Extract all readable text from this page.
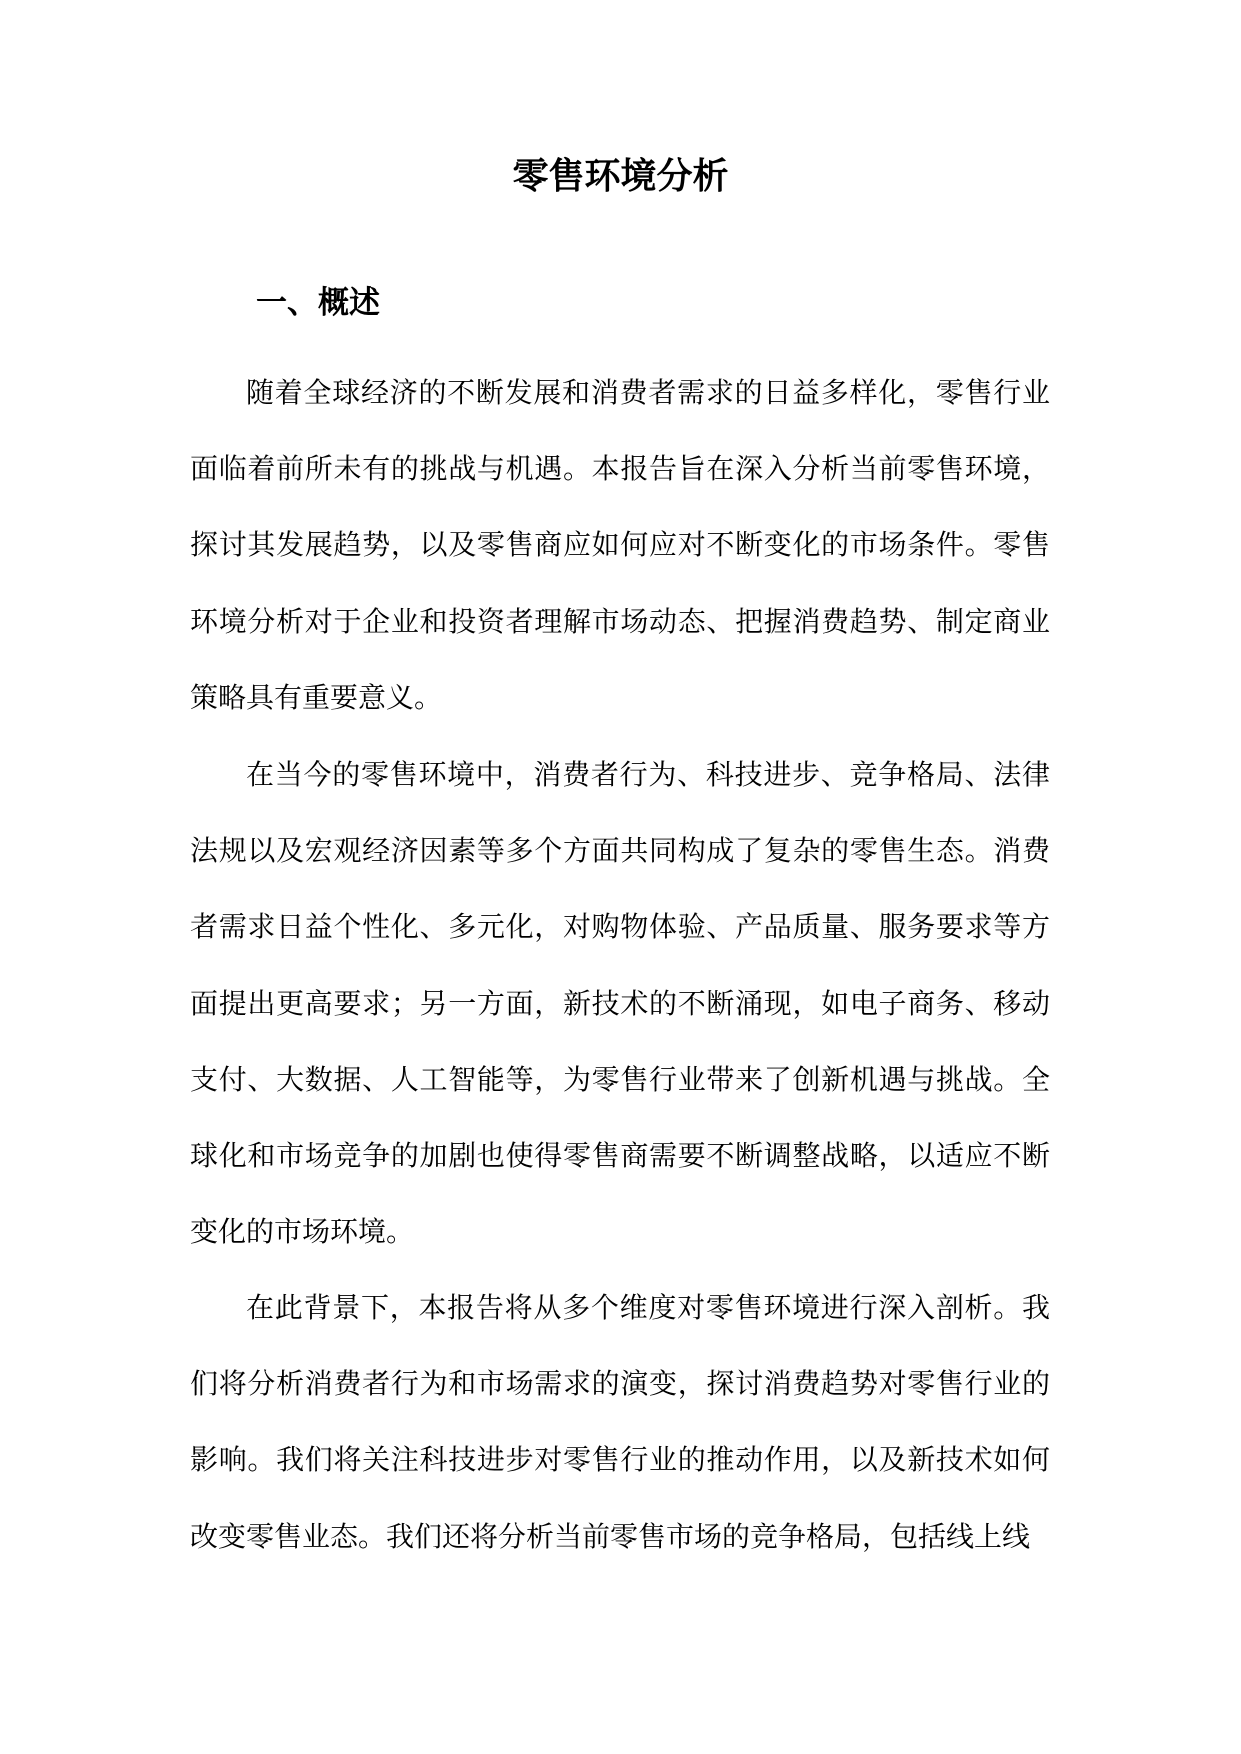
零售环境分析
一、概述

随着全球经济的不断发展和消费者需求的日益多样化，零售行业面临着前所未有的挑战与机遇。本报告旨在深入分析当前零售环境，探讨其发展趋势，以及零售商应如何应对不断变化的市场条件。零售环境分析对于企业和投资者理解市场动态、把握消费趋势、制定商业策略具有重要意义。

在当今的零售环境中，消费者行为、科技进步、竞争格局、法律法规以及宏观经济因素等多个方面共同构成了复杂的零售生态。消费者需求日益个性化、多元化，对购物体验、产品质量、服务要求等方面提出更高要求；另一方面，新技术的不断涌现，如电子商务、移动支付、大数据、人工智能等，为零售行业带来了创新机遇与挑战。全球化和市场竞争的加剧也使得零售商需要不断调整战略，以适应不断变化的市场环境。

在此背景下，本报告将从多个维度对零售环境进行深入剖析。我们将分析消费者行为和市场需求的演变，探讨消费趋势对零售行业的影响。我们将关注科技进步对零售行业的推动作用，以及新技术如何改变零售业态。我们还将分析当前零售市场的竞争格局，包括线上线
